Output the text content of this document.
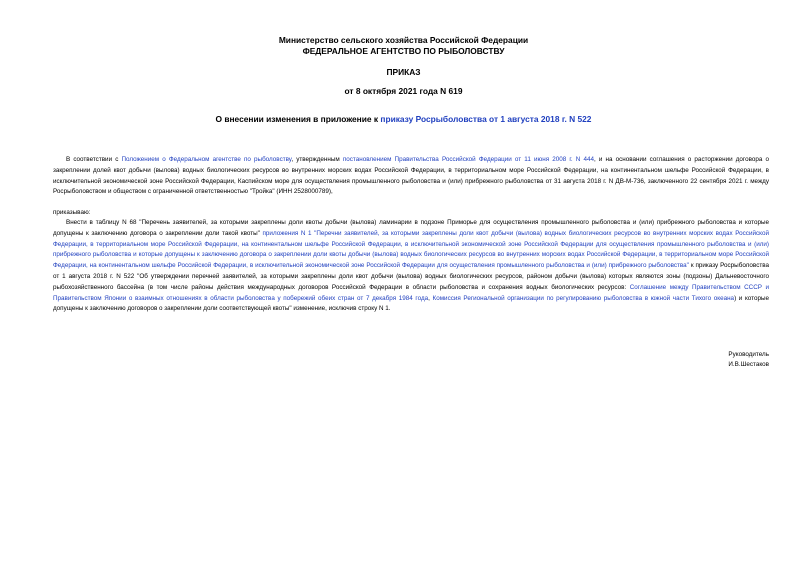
Министерство сельского хозяйства Российской Федерации
ФЕДЕРАЛЬНОЕ АГЕНТСТВО ПО РЫБОЛОВСТВУ
ПРИКАЗ
от 8 октября 2021 года N 619
О внесении изменения в приложение к приказу Росрыболовства от 1 августа 2018 г. N 522
В соответствии с Положением о Федеральном агентстве по рыболовству, утвержденным постановлением Правительства Российской Федерации от 11 июня 2008 г. N 444, и на основании соглашения о расторжении договора о закреплении долей квот добычи (вылова) водных биологических ресурсов во внутренних морских водах Российской Федерации, в территориальном море Российской Федерации, на континентальном шельфе Российской Федерации, в исключительной экономической зоне Российской Федерации, Каспийском море для осуществления промышленного рыболовства и (или) прибрежного рыболовства от 31 августа 2018 г. N ДВ-М-736, заключенного 22 сентября 2021 г. между Росрыболовством и обществом с ограниченной ответственностью "Тройка" (ИНН 2528000789),
приказываю:
Внести в таблицу N 68 "Перечень заявителей, за которыми закреплены доли квоты добычи (вылова) ламинарии в подзоне Приморье для осуществления промышленного рыболовства и (или) прибрежного рыболовства и которые допущены к заключению договора о закреплении доли такой квоты" приложения N 1 "Перечни заявителей, за которыми закреплены доли квот добычи (вылова) водных биологических ресурсов во внутренних морских водах Российской Федерации, в территориальном море Российской Федерации, на континентальном шельфе Российской Федерации, в исключительной экономической зоне Российской Федерации для осуществления промышленного рыболовства и (или) прибрежного рыболовства и которые допущены к заключению договора о закреплении доли квоты добычи (вылова) водных биологических ресурсов во внутренних морских водах Российской Федерации, в территориальном море Российской Федерации, на континентальном шельфе Российской Федерации, в исключительной экономической зоне Российской Федерации для осуществления промышленного рыболовства и (или) прибрежного рыболовства" к приказу Росрыболовства от 1 августа 2018 г. N 522 "Об утверждении перечней заявителей, за которыми закреплены доли квот добычи (вылова) водных биологических ресурсов, районом добычи (вылова) которых являются зоны (подзоны) Дальневосточного рыбохозяйственного бассейна (в том числе районы действия международных договоров Российской Федерации в области рыболовства и сохранения водных биологических ресурсов: Соглашение между Правительством СССР и Правительством Японии о взаимных отношениях в области рыболовства у побережий обеих стран от 7 декабря 1984 года, Комиссия Региональной организации по регулированию рыболовства в южной части Тихого океана) и которые допущены к заключению договоров о закреплении доли соответствующей квоты" изменение, исключив строку N 1.
Руководитель
И.В.Шестаков
